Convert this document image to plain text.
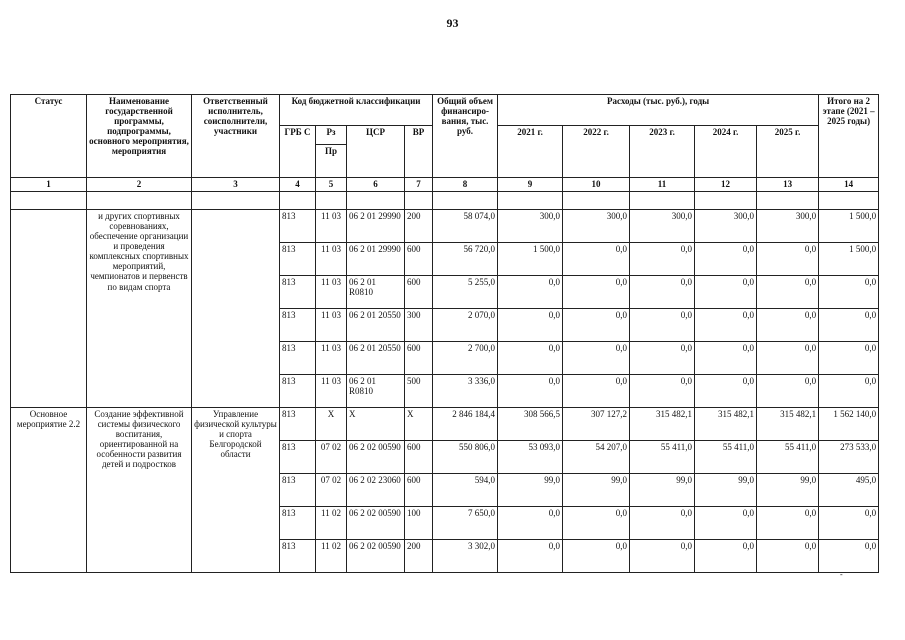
93
Статус	Наименование государственной программы, подпрограммы, основного мероприятия, мероприятия	Ответственный исполнитель, соисполнители, участники	Код бюджетной классификации				Общий объем финансиро-вания, тыс. руб.	Расходы (тыс. руб.), годы					Итого на 2 этапе (2021 – 2025 годы)
			ГРБ С	Рз	ЦСР	ВР		2021 г.	2022 г.	2023 г.	2024 г.	2025 г.	
				Пр									
1	2	3	4	5	6	7	8	9	10	11	12	13	14

	и других спортивных соревнованиях, обеспечение организации и проведения комплексных спортивных мероприятий, чемпионатов и первенств по видам спорта		813	11 03	06 2 01 29990	200	58 074,0	300,0	300,0	300,0	300,0	300,0	1 500,0
			813	11 03	06 2 01 29990	600	56 720,0	1 500,0	0,0	0,0	0,0	0,0	1 500,0
			813	11 03	06 2 01 R0810	600	5 255,0	0,0	0,0	0,0	0,0	0,0	0,0
			813	11 03	06 2 01 20550	300	2 070,0	0,0	0,0	0,0	0,0	0,0	0,0
			813	11 03	06 2 01 20550	600	2 700,0	0,0	0,0	0,0	0,0	0,0	0,0
			813	11 03	06 2 01 R0810	500	3 336,0	0,0	0,0	0,0	0,0	0,0	0,0
Основное мероприятие 2.2	Создание эффективной системы физического воспитания, ориентированной на особенности развития детей и подростков	Управление физической культуры и спорта Белгородской области	813	X	X	X	2 846 184,4	308 566,5	307 127,2	315 482,1	315 482,1	315 482,1	1 562 140,0
			813	07 02	06 2 02 00590	600	550 806,0	53 093,0	54 207,0	55 411,0	55 411,0	55 411,0	273 533,0
			813	07 02	06 2 02 23060	600	594,0	99,0	99,0	99,0	99,0	99,0	495,0
			813	11 02	06 2 02 00590	100	7 650,0	0,0	0,0	0,0	0,0	0,0	0,0
			813	11 02	06 2 02 00590	200	3 302,0	0,0	0,0	0,0	0,0	0,0	0,0
-
